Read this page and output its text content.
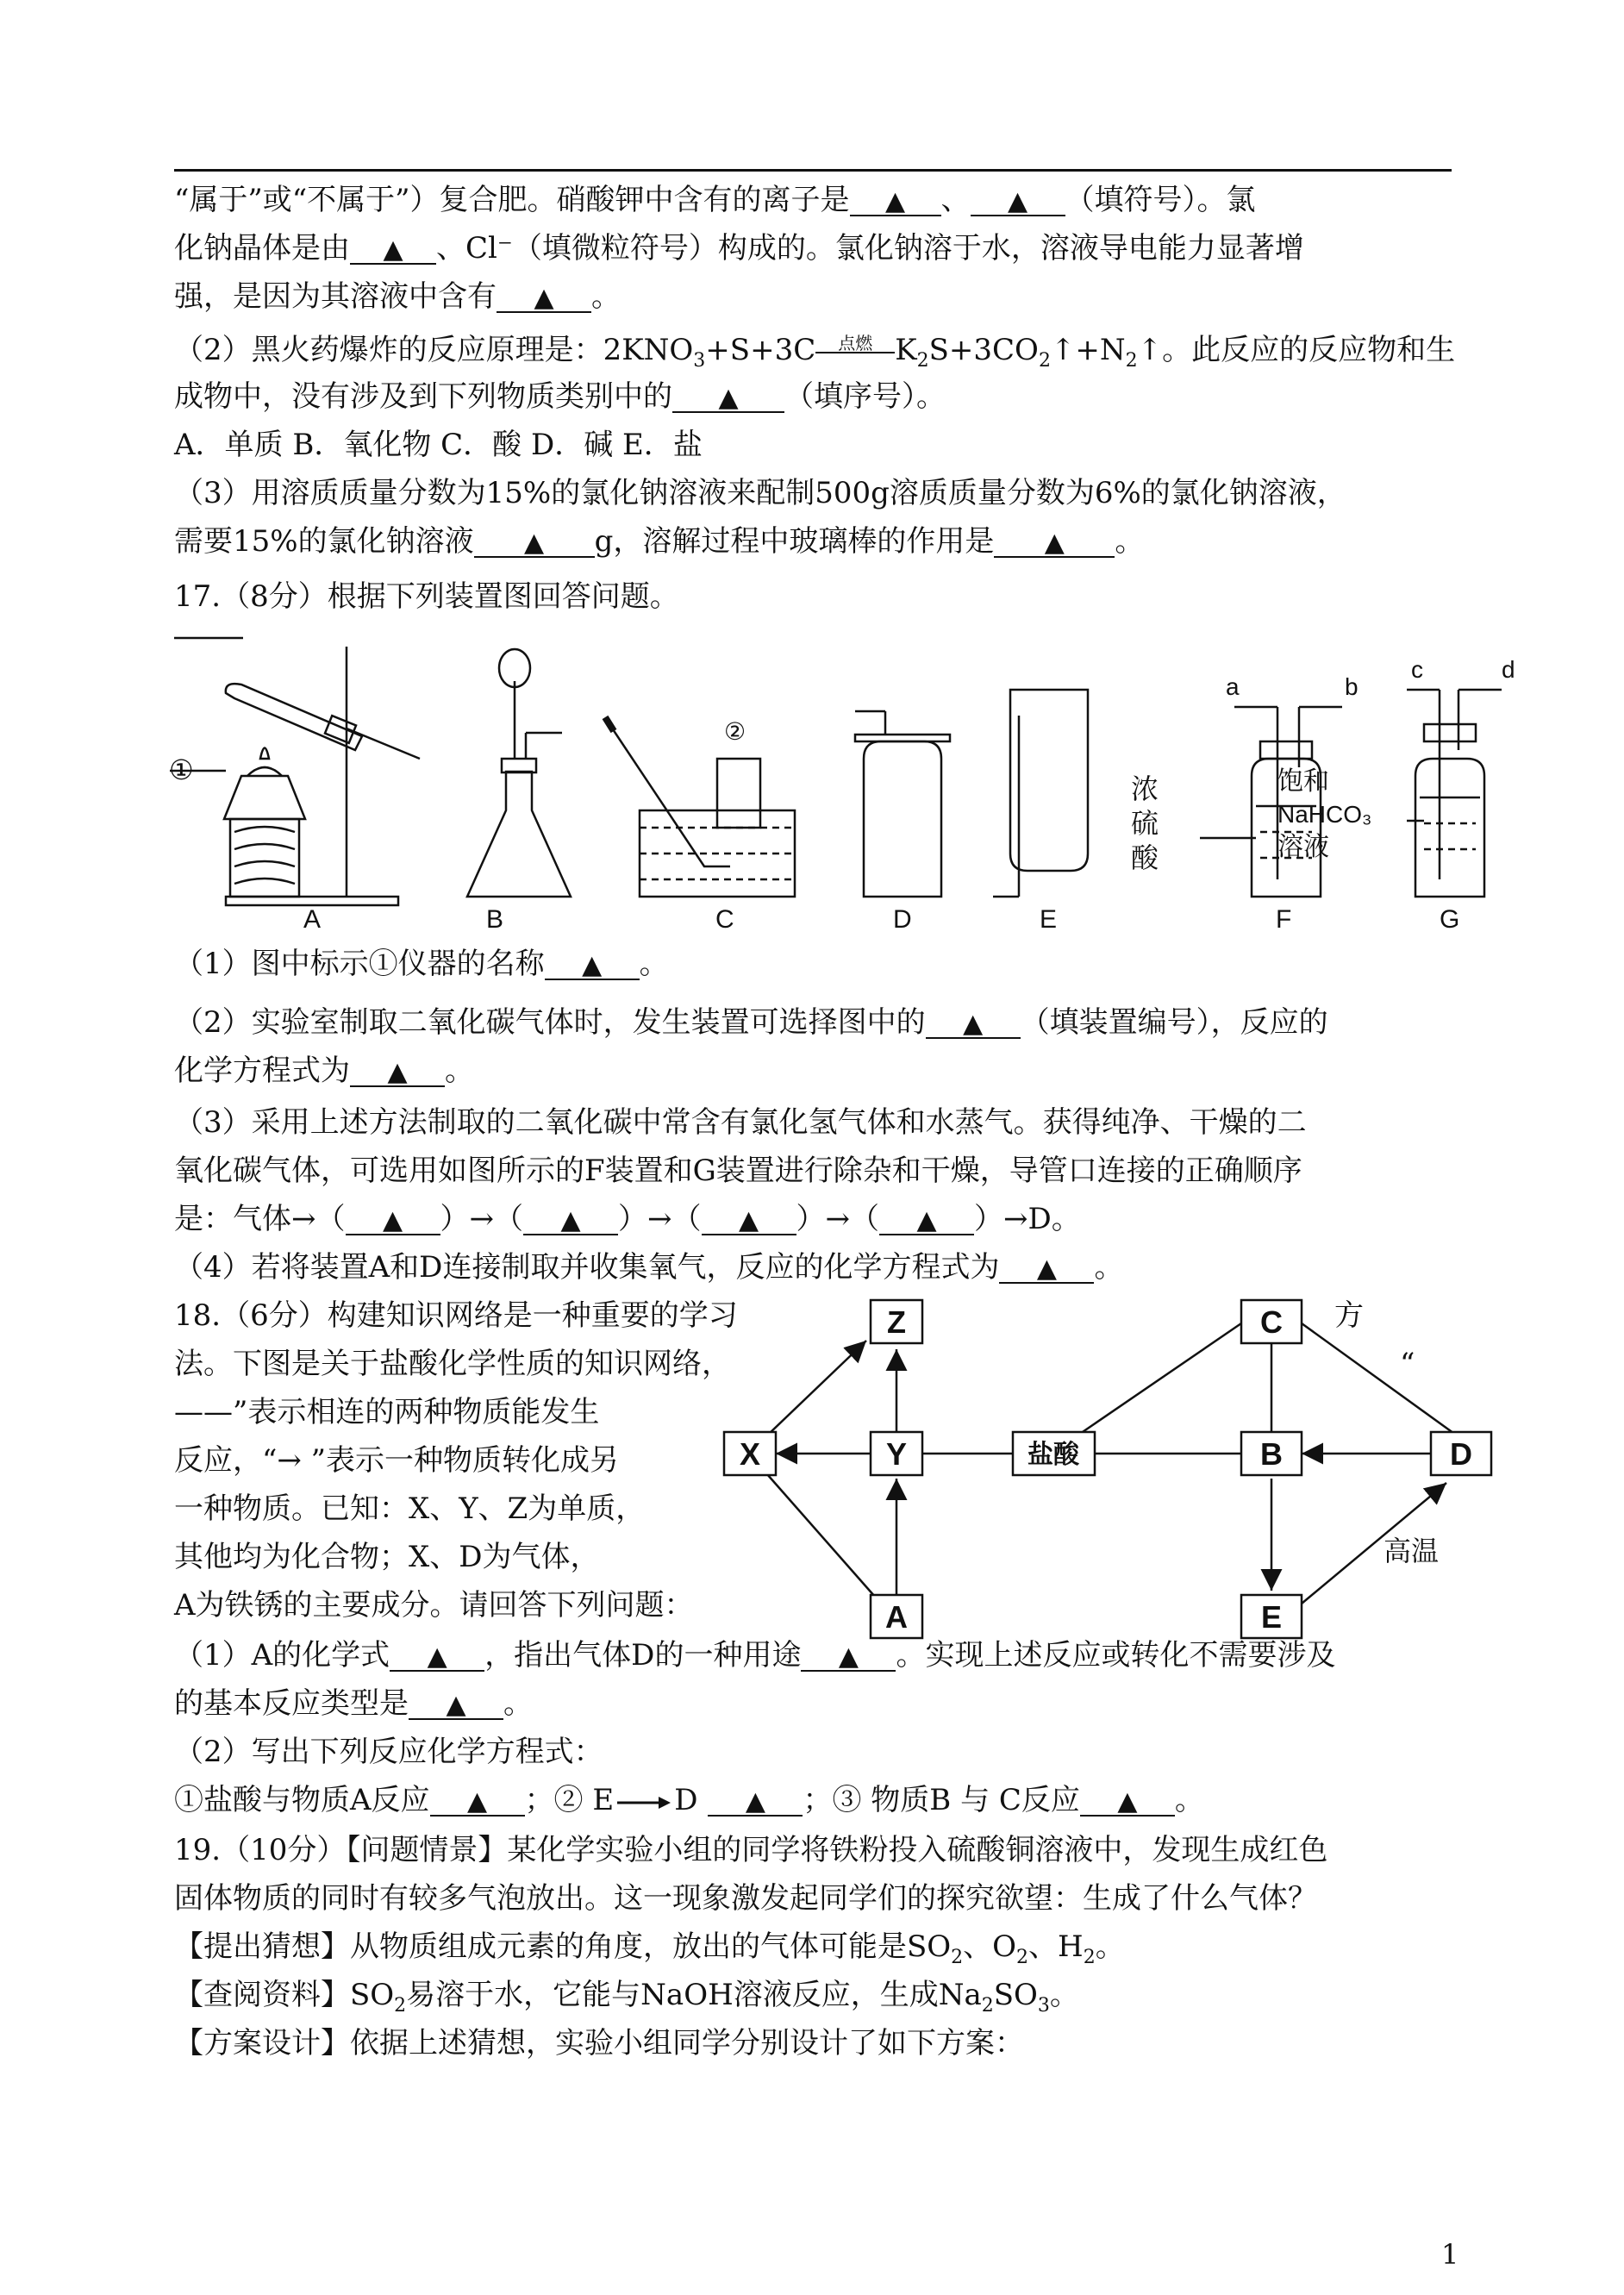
“属于”或“不属于”）复合肥。硝酸钾中含有的离子是 ▲ 、 ▲ （填符号）。氯
化钠晶体是由 ▲ 、Cl⁻（填微粒符号）构成的。氯化钠溶于水，溶液导电能力显著增
强，是因为其溶液中含有 ▲ 。
（2）黑火药爆炸的反应原理是：$2KNO_3+S+3C$	点燃 $K_2S+3CO_2↑+N_2↑$。此反应的反应物和生
成物中，没有涉及到下列物质类别中的 ▲ （填序号）。
A．单质 B．氧化物 C．酸 D．碱 E．盐
（3）用溶质质量分数为15%的氯化钠溶液来配制500g溶质质量分数为6%的氯化钠溶液，
需要15%的氯化钠溶液 ▲ g，溶解过程中玻璃棒的作用是 ▲ 。
17.（8分）根据下列装置图回答问题。
①
A	B
②
C	D	E
a	b
浓
硫
酸
F
c	d
饱和
NaHCO₃
溶液
G
（1）图中标示①仪器的名称 ▲ 。
（2）实验室制取二氧化碳气体时，发生装置可选择图中的 ▲ （填装置编号），反应的
化学方程式为 ▲ 。
（3）采用上述方法制取的二氧化碳中常含有氯化氢气体和水蒸气。获得纯净、干燥的二
氧化碳气体，可选用如图所示的F装置和G装置进行除杂和干燥，导管口连接的正确顺序
是：气体→（ ▲ ）→（ ▲ ）→（ ▲ ）→（ ▲ ）→D。
（4）若将装置A和D连接制取并收集氧气，反应的化学方程式为 ▲ 。
18.（6分）构建知识网络是一种重要的学习	方
法。下图是关于盐酸化学性质的知识网络，	“
——”表示相连的两种物质能发生
反应，“→ ”表示一种物质转化成另
一种物质。已知：X、Y、Z为单质，
其他均为化合物；X、D为气体，
A为铁锈的主要成分。请回答下列问题：
Z	C
X	Y	盐酸	B	D
A	E
高温
（1）A的化学式 ▲ ，指出气体D的一种用途 ▲ 。实现上述反应或转化不需要涉及
的基本反应类型是 ▲ 。
（2）写出下列反应化学方程式：
①盐酸与物质A反应 ▲ ；② E D ▲ ；③ 物质B 与 C反应 ▲ 。
19.（10分）【问题情景】某化学实验小组的同学将铁粉投入硫酸铜溶液中，发现生成红色
固体物质的同时有较多气泡放出。这一现象激发起同学们的探究欲望：生成了什么气体？
【提出猜想】从物质组成元素的角度，放出的气体可能是$SO_2$、$O_2$、$H_2$。
【查阅资料】$SO_2$易溶于水，它能与NaOH溶液反应，生成$Na_2SO_3$。
【方案设计】依据上述猜想，实验小组同学分别设计了如下方案：
1
